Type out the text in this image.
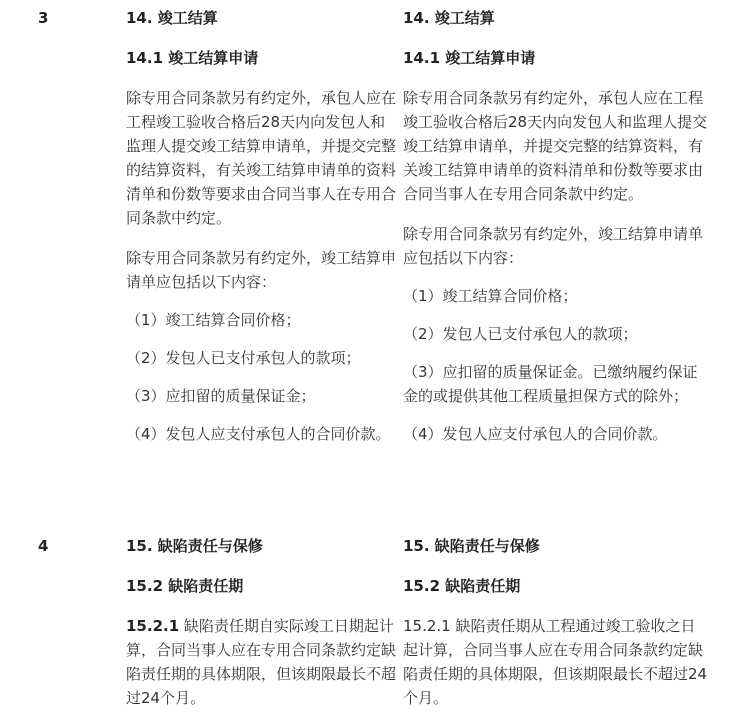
3	14. 竣工结算

14.1 竣工结算申请

除专用合同条款另有约定外，承包人应在工程竣工验收合格后28天内向发包人和监理人提交竣工结算申请单，并提交完整的结算资料，有关竣工结算申请单的资料清单和份数等要求由合同当事人在专用合同条款中约定。

除专用合同条款另有约定外，竣工结算申请单应包括以下内容：

（1）竣工结算合同价格；

（2）发包人已支付承包人的款项；

（3）应扣留的质量保证金；

（4）发包人应支付承包人的合同价款。

14. 竣工结算

14.1 竣工结算申请

除专用合同条款另有约定外，承包人应在工程竣工验收合格后28天内向发包人和监理人提交竣工结算申请单，并提交完整的结算资料，有关竣工结算申请单的资料清单和份数等要求由合同当事人在专用合同条款中约定。

除专用合同条款另有约定外，竣工结算申请单应包括以下内容：

（1）竣工结算合同价格；

（2）发包人已支付承包人的款项；

（3）应扣留的质量保证金。已缴纳履约保证金的或提供其他工程质量担保方式的除外；

（4）发包人应支付承包人的合同价款。

4	15. 缺陷责任与保修

15.2 缺陷责任期

15.2.1 缺陷责任期自实际竣工日期起计算，合同当事人应在专用合同条款约定缺陷责任期的具体期限，但该期限最长不超过24个月。

15. 缺陷责任与保修

15.2 缺陷责任期

15.2.1 缺陷责任期从工程通过竣工验收之日起计算，合同当事人应在专用合同条款约定缺陷责任期的具体期限，但该期限最长不超过24个月。
